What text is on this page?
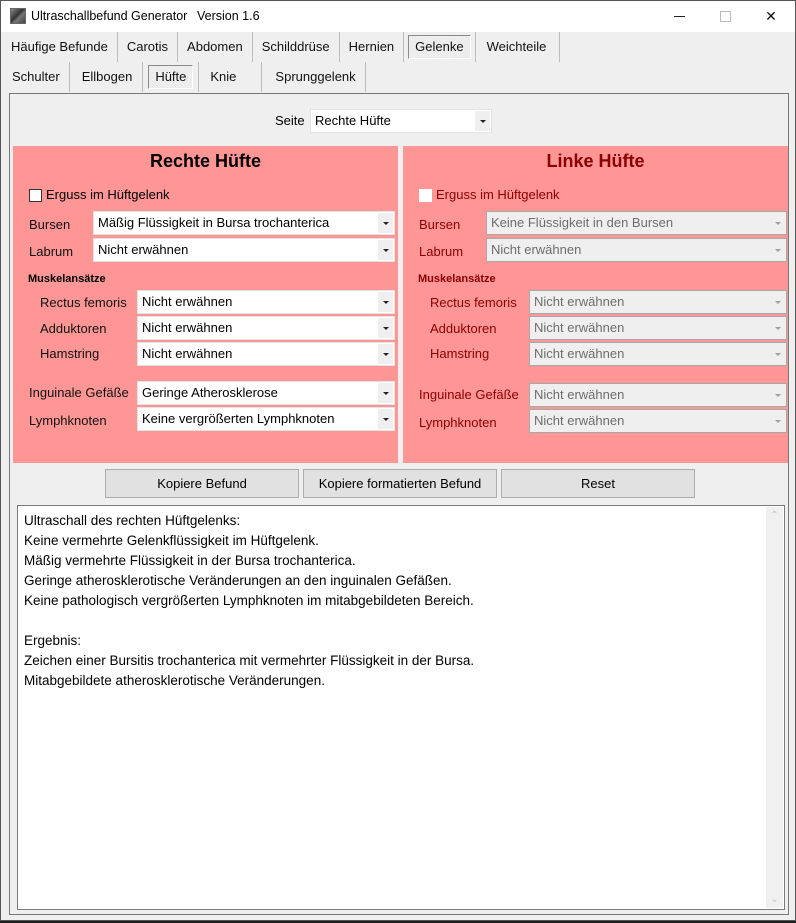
Ultraschallbefund Generator Version 1.6	✕
Häufige Befunde	Carotis	Abdomen	Schilddrüse	Hernien	Gelenke	Weichteile
Schulter	Ellbogen	Hüfte	Knie	Sprunggelenk
Seite Rechte Hüfte
Rechte Hüfte
Erguss im Hüftgelenk
Bursen	Mäßig Flüssigkeit in Bursa trochanterica
Labrum	Nicht erwähnen
Muskelansätze
Rectus femoris	Nicht erwähnen
Adduktoren	Nicht erwähnen
Hamstring	Nicht erwähnen
Inguinale Gefäße	Geringe Atherosklerose
Lymphknoten	Keine vergrößerten Lymphknoten
Linke Hüfte
Erguss im Hüftgelenk
Bursen	Keine Flüssigkeit in den Bursen
Labrum	Nicht erwähnen
Muskelansätze
Rectus femoris	Nicht erwähnen
Adduktoren	Nicht erwähnen
Hamstring	Nicht erwähnen
Inguinale Gefäße	Nicht erwähnen
Lymphknoten	Nicht erwähnen
Kopiere Befund	Kopiere formatierten Befund	Reset
Ultraschall des rechten Hüftgelenks:
Keine vermehrte Gelenkflüssigkeit im Hüftgelenk.
Mäßig vermehrte Flüssigkeit in der Bursa trochanterica.
Geringe atherosklerotische Veränderungen an den inguinalen Gefäßen.
Keine pathologisch vergrößerten Lymphknoten im mitabgebildeten Bereich.

Ergebnis:
Zeichen einer Bursitis trochanterica mit vermehrter Flüssigkeit in der Bursa.
Mitabgebildete atherosklerotische Veränderungen.
⌃
⌄
